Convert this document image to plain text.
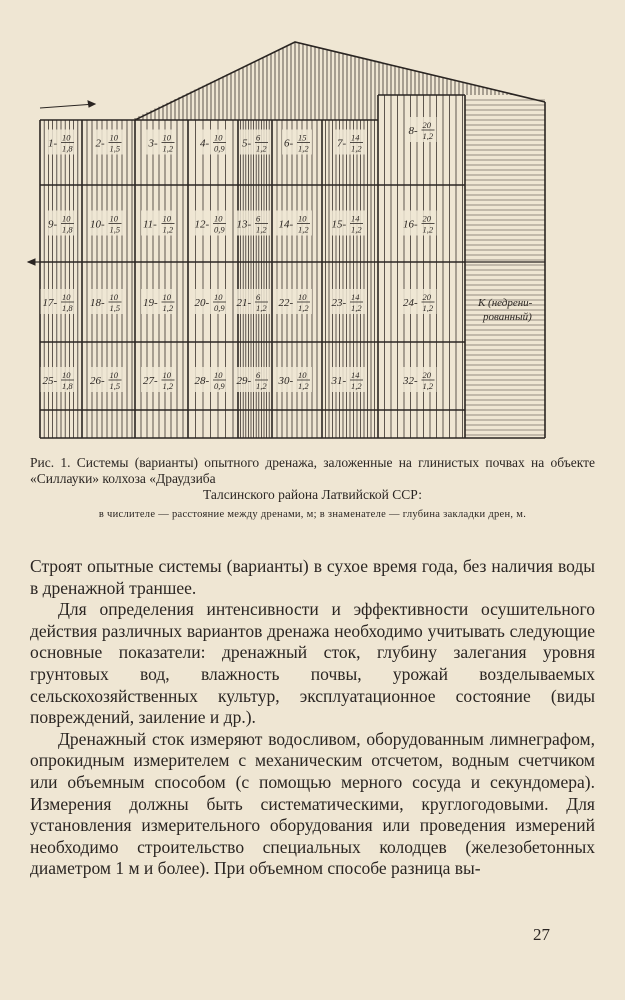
1- 10
1,8 2- 10
1,5	3- 10
1,2 4- 10
0,9 5- 6
1,2 6- 15
1,2	7- 14
1,2
8- 20
1,2
9- 10
1,8 10- 10
1,5 11- 10
1,2 12- 10
0,9 13- 6
1,2 14- 10
1,2 15- 14
1,2	16- 20
1,2
17- 10
1,8 18- 10
1,5 19- 10
1,2 20- 10
0,9 21- 6
1,2 22- 10
1,2 23- 14
1,2	24- 20
1,2
25- 10
1,8 26- 10
1,5 27- 10
1,2 28- 10
0,9 29- 6
1,2 30- 10
1,2 31- 14
1,2	32- 20
1,2
К (недрени-
рованный)
Рис. 1. Системы (варианты) опытного дренажа, заложенные на глинистых почвах на объекте «Силлауки» колхоза «Драудзиба
Талсинского района Латвийской ССР:
в числителе — расстояние между дренами, м; в знаменателе — глубина закладки дрен, м.

Строят опытные системы (варианты) в сухое время года, без наличия воды в дренажной траншее.

Для определения интенсивности и эффективности осушительного действия различных вариантов дренажа необходимо учитывать следующие основные показатели: дренажный сток, глубину залегания уровня грунтовых вод, влажность почвы, урожай возделываемых сельскохозяйственных культур, эксплуатационное состояние (виды повреждений, заиление и др.).

Дренажный сток измеряют водосливом, оборудованным лимнеграфом, опрокидным измерителем с механическим отсчетом, водным счетчиком или объемным способом (с помощью мерного сосуда и секундомера). Измерения должны быть систематическими, круглогодовыми. Для установления измерительного оборудования или проведения измерений необходимо строительство специальных колодцев (железобетонных диаметром 1 м и более). При объемном способе разница вы-

27
